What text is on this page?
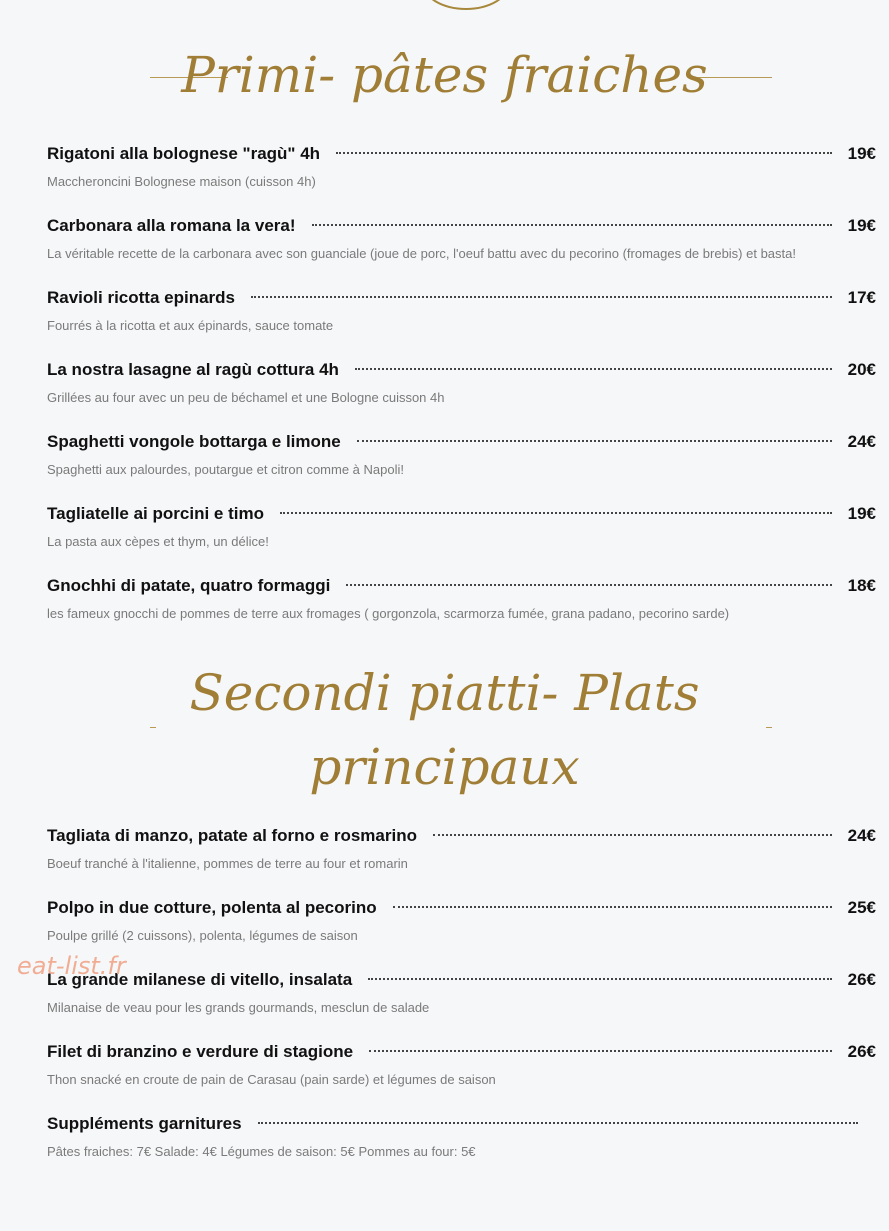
Primi- pâtes fraiches
Rigatoni alla bolognese "ragù" 4h	19€
Maccheroncini Bolognese maison (cuisson 4h)
Carbonara alla romana la vera!	19€
La véritable recette de la carbonara avec son guanciale (joue de porc, l'oeuf battu avec du pecorino (fromages de brebis) et basta!
Ravioli ricotta epinards	17€
Fourrés à la ricotta et aux épinards, sauce tomate
La nostra lasagne al ragù cottura 4h	20€
Grillées au four avec un peu de béchamel et une Bologne cuisson 4h
Spaghetti vongole bottarga e limone	24€
Spaghetti aux palourdes, poutargue et citron comme à Napoli!
Tagliatelle ai porcini e timo	19€
La pasta aux cèpes et thym, un délice!
Gnochhi di patate, quatro formaggi	18€
les fameux gnocchi de pommes de terre aux fromages ( gorgonzola, scarmorza fumée, grana padano, pecorino sarde)
Secondi piatti- Plats
principaux
Tagliata di manzo, patate al forno e rosmarino	24€
Boeuf tranché à l'italienne, pommes de terre au four et romarin
Polpo in due cotture, polenta al pecorino	25€
Poulpe grillé (2 cuissons), polenta, légumes de saison
La grande milanese di vitello, insalata	26€
Milanaise de veau pour les grands gourmands, mesclun de salade
Filet di branzino e verdure di stagione	26€
Thon snacké en croute de pain de Carasau (pain sarde) et légumes de saison
Suppléments garnitures
Pâtes fraiches: 7€ Salade: 4€ Légumes de saison: 5€ Pommes au four: 5€
eat-list.fr
